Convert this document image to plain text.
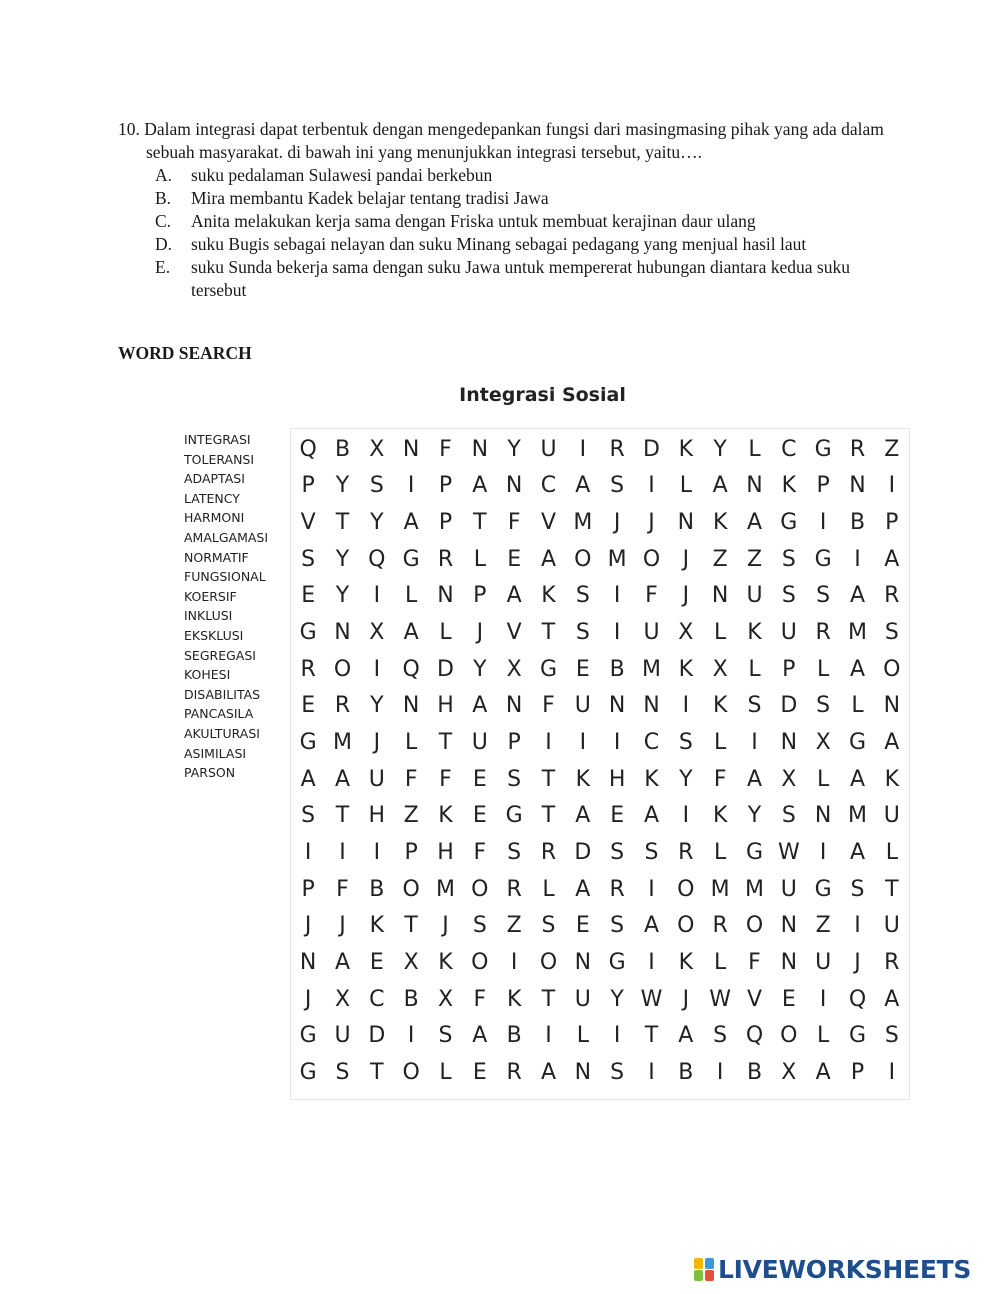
10. Dalam integrasi dapat terbentuk dengan mengedepankan fungsi dari masingmasing pihak yang ada dalam sebuah masyarakat. di bawah ini yang menunjukkan integrasi tersebut, yaitu….

A. suku pedalaman Sulawesi pandai berkebun
B. Mira membantu Kadek belajar tentang tradisi Jawa
C. Anita melakukan kerja sama dengan Friska untuk membuat kerajinan daur ulang
D. suku Bugis sebagai nelayan dan suku Minang sebagai pedagang yang menjual hasil laut
E. suku Sunda bekerja sama dengan suku Jawa untuk mempererat hubungan diantara kedua suku tersebut
WORD SEARCH
Integrasi Sosial
INTEGRASI
TOLERANSI
ADAPTASI
LATENCY
HARMONI
AMALGAMASI
NORMATIF
FUNGSIONAL
KOERSIF
INKLUSI
EKSKLUSI
SEGREGASI
KOHESI
DISABILITAS
PANCASILA
AKULTURASI
ASIMILASI
PARSON
Q B X N F N Y U	I	R D K Y L C G R Z
P Y S	I	P A N C A S	I	L A N K P N	I
V T Y A P T F V M J	J	N K A G	I	B P
S Y Q G R L E A O M O	J	Z Z S G	I	A
E Y	I	L N P A K S	I	F	J	N U S S A R
G N X A L	J	V T S	I	U X L K U R M S
R O	I	Q D Y X G E B M K X L P L A O
E R Y N H A N F U N N	I	K S D S L N
G M J	L T U P	I	I	I	C S L	I	N X G A
A A U F F E S T K H K Y F A X L A K
S T H Z K E G T A E A	I	K Y S N M U
I	I	I	P H F S R D S S R L G W I	A L
P F B O M O R L A R	I	O M M U G S T
J	J	K T	J	S Z S E S A O R O N Z	I	U
N A E X K O	I	O N G	I	K L F N U	J	R
J	X C B X F K T U Y W J W V E	I	Q A
G U D	I	S A B	I	L	I	T A S Q O L G S
G S T O L E R A N S	I	B	I	B X A P	I
LIVEWORKSHEETS
